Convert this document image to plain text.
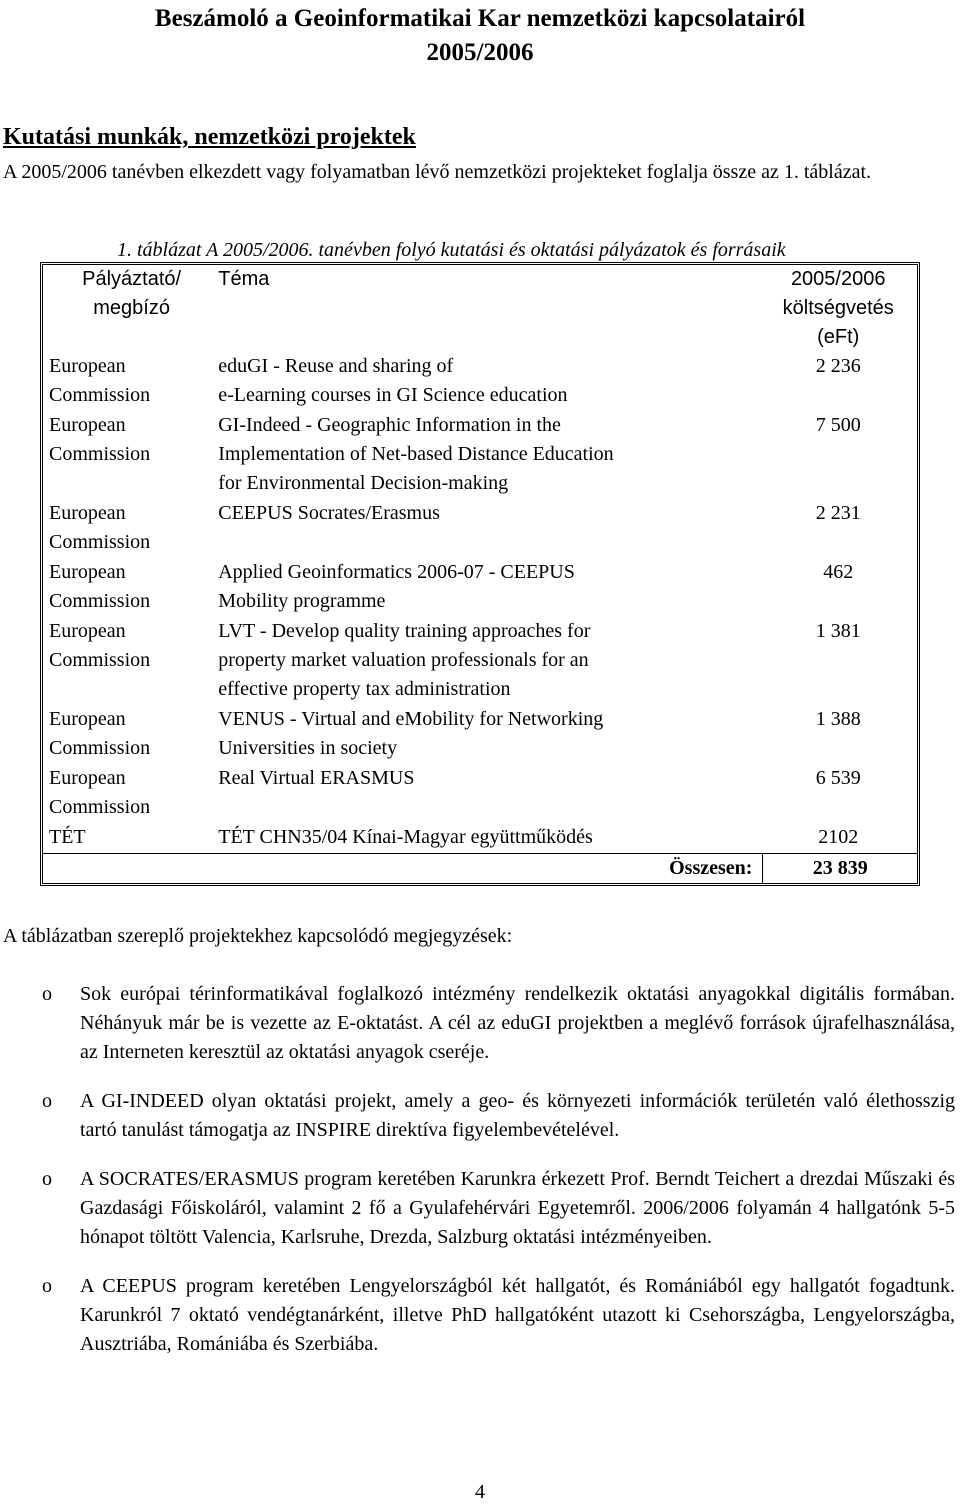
Beszámoló a Geoinformatikai Kar nemzetközi kapcsolatairól
2005/2006
Kutatási munkák, nemzetközi projektek

A 2005/2006 tanévben elkezdett vagy folyamatban lévő nemzetközi projekteket foglalja össze az 1. táblázat.

1. táblázat A 2005/2006. tanévben folyó kutatási és oktatási pályázatok és forrásaik

Pályáztató/
megbízó	Téma	2005/2006
költségvetés
(eFt)
European
Commission	eduGI - Reuse and sharing of
e-Learning courses in GI Science education	2 236
European
Commission	GI-Indeed - Geographic Information in the
Implementation of Net-based Distance Education
for Environmental Decision-making	7 500
European
Commission	CEEPUS Socrates/Erasmus	2 231
European
Commission	Applied Geoinformatics 2006-07 - CEEPUS
Mobility programme	462
European
Commission	LVT - Develop quality training approaches for
property market valuation professionals for an
effective property tax administration	1 381
European
Commission	VENUS - Virtual and eMobility for Networking
Universities in society	1 388
European
Commission	Real Virtual ERASMUS	6 539
TÉT	TÉT CHN35/04 Kínai-Magyar együttműködés	2102
Összesen:		23 839

A táblázatban szereplő projektekhez kapcsolódó megjegyzések:

o Sok európai térinformatikával foglalkozó intézmény rendelkezik oktatási anyagokkal digitális formában. Néhányuk már be is vezette az E-oktatást. A cél az eduGI projektben a meglévő források újrafelhasználása, az Interneten keresztül az oktatási anyagok cseréje.
o A GI-INDEED olyan oktatási projekt, amely a geo- és környezeti információk területén való élethosszig tartó tanulást támogatja az INSPIRE direktíva figyelembevételével.
o A SOCRATES/ERASMUS program keretében Karunkra érkezett Prof. Berndt Teichert a drezdai Műszaki és Gazdasági Főiskoláról, valamint 2 fő a Gyulafehérvári Egyetemről. 2006/2006 folyamán 4 hallgatónk 5-5 hónapot töltött Valencia, Karlsruhe, Drezda, Salzburg oktatási intézményeiben.
o A CEEPUS program keretében Lengyelországból két hallgatót, és Romániából egy hallgatót fogadtunk. Karunkról 7 oktató vendégtanárként, illetve PhD hallgatóként utazott ki Csehországba, Lengyelországba, Ausztriába, Romániába és Szerbiába.

4
